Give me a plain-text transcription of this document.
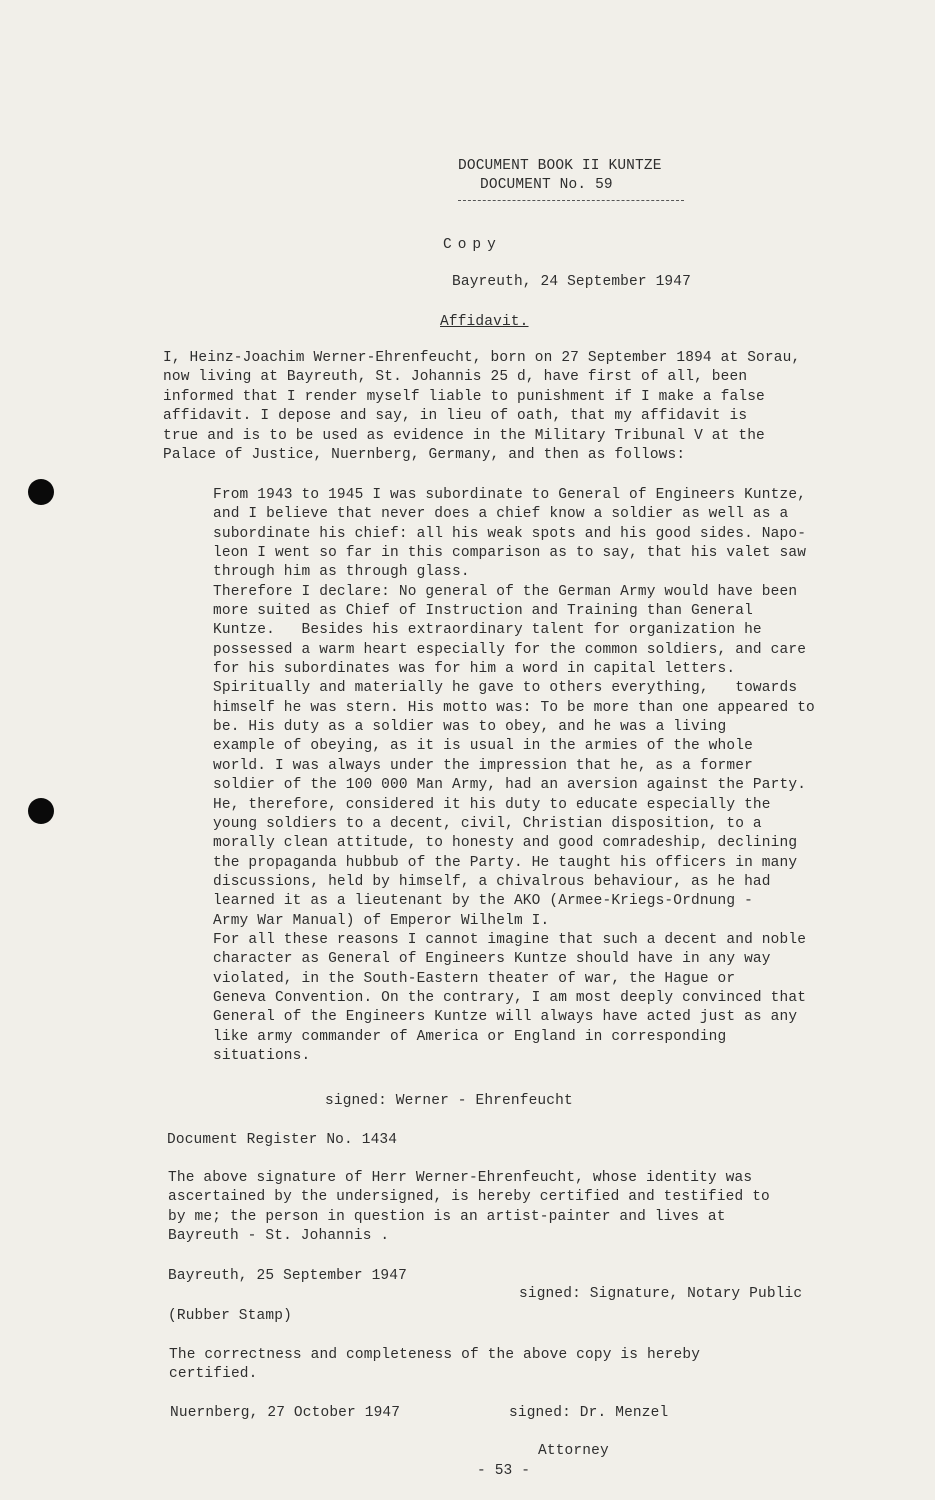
DOCUMENT BOOK II KUNTZE
DOCUMENT No. 59
Copy
Bayreuth, 24 September 1947
Affidavit.
I, Heinz-Joachim Werner-Ehrenfeucht, born on 27 September 1894 at Sorau,
now living at Bayreuth, St. Johannis 25 d, have first of all, been
informed that I render myself liable to punishment if I make a false
affidavit. I depose and say, in lieu of oath, that my affidavit is
true and is to be used as evidence in the Military Tribunal V at the
Palace of Justice, Nuernberg, Germany, and then as follows:
From 1943 to 1945 I was subordinate to General of Engineers Kuntze,
and I believe that never does a chief know a soldier as well as a
subordinate his chief: all his weak spots and his good sides. Napo-
leon I went so far in this comparison as to say, that his valet saw
through him as through glass.
Therefore I declare: No general of the German Army would have been
more suited as Chief of Instruction and Training than General
Kuntze.   Besides his extraordinary talent for organization he
possessed a warm heart especially for the common soldiers, and care
for his subordinates was for him a word in capital letters.
Spiritually and materially he gave to others everything,   towards
himself he was stern. His motto was: To be more than one appeared to
be. His duty as a soldier was to obey, and he was a living
example of obeying, as it is usual in the armies of the whole
world. I was always under the impression that he, as a former
soldier of the 100 000 Man Army, had an aversion against the Party.
He, therefore, considered it his duty to educate especially the
young soldiers to a decent, civil, Christian disposition, to a
morally clean attitude, to honesty and good comradeship, declining
the propaganda hubbub of the Party. He taught his officers in many
discussions, held by himself, a chivalrous behaviour, as he had
learned it as a lieutenant by the AKO (Armee-Kriegs-Ordnung -
Army War Manual) of Emperor Wilhelm I.
For all these reasons I cannot imagine that such a decent and noble
character as General of Engineers Kuntze should have in any way
violated, in the South-Eastern theater of war, the Hague or
Geneva Convention. On the contrary, I am most deeply convinced that
General of the Engineers Kuntze will always have acted just as any
like army commander of America or England in corresponding
situations.
signed: Werner - Ehrenfeucht
Document Register No. 1434
The above signature of Herr Werner-Ehrenfeucht, whose identity was
ascertained by the undersigned, is hereby certified and testified to
by me; the person in question is an artist-painter and lives at
Bayreuth - St. Johannis .
Bayreuth, 25 September 1947
signed: Signature, Notary Public
(Rubber Stamp)
The correctness and completeness of the above copy is hereby
certified.
Nuernberg, 27 October 1947	signed: Dr. Menzel
Attorney
- 53 -
